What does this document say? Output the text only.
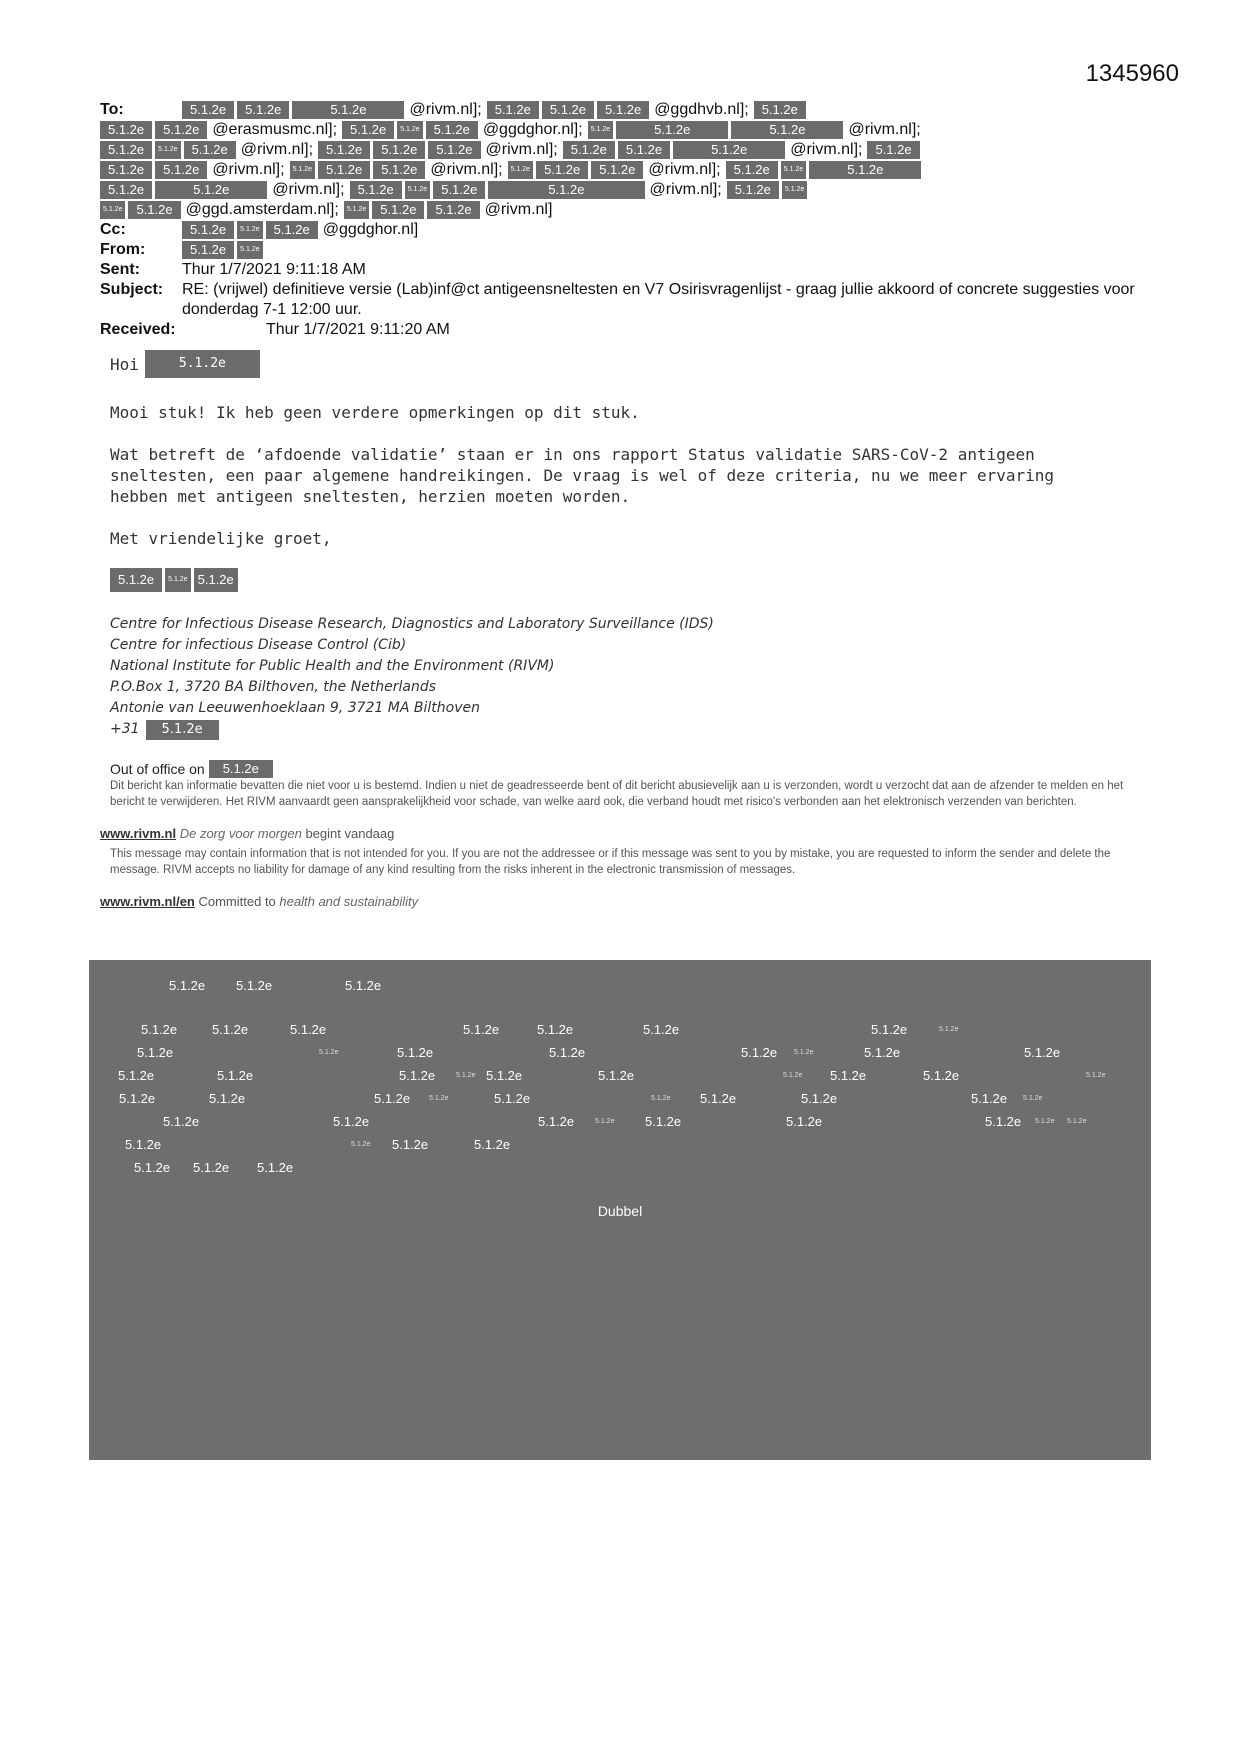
1345960
To:	5.1.2e	5.1.2e	5.1.2e	@rivm.nl];	5.1.2e	5.1.2e	5.1.2e @ggdhvb.nl];	5.1.2e
5.1.2e	5.1.2e @erasmusmc.nl];	5.1.2e	5.1.2e	5.1.2e @ggdghor.nl];	5.1.2e	5.1.2e	5.1.2e	@rivm.nl];
5.1.2e	5.1.2e	5.1.2e @rivm.nl];	5.1.2e	5.1.2e	5.1.2e @rivm.nl];	5.1.2e	5.1.2e	5.1.2e	@rivm.nl];	5.1.2e
5.1.2e	5.1.2e @rivm.nl];	5.1.2e	5.1.2e	5.1.2e @rivm.nl];	5.1.2e	5.1.2e	5.1.2e @rivm.nl];	5.1.2e	5.1.2e	5.1.2e
5.1.2e	5.1.2e	@rivm.nl];	5.1.2e	5.1.2e	5.1.2e	5.1.2e	@rivm.nl];	5.1.2e	5.1.2e
5.1.2e	5.1.2e @ggd.amsterdam.nl];	5.1.2e	5.1.2e	5.1.2e @rivm.nl]
Cc:	5.1.2e	5.1.2e	5.1.2e @ggdghor.nl]
From:	5.1.2e	5.1.2e
Sent:	Thur 1/7/2021 9:11:18 AM
Subject:	RE: (vrijwel) definitieve versie (Lab)inf@ct antigeensneltesten en V7 Osirisvragenlijst - graag jullie akkoord of concrete suggesties voor donderdag 7-1 12:00 uur.
Received:	Thur 1/7/2021 9:11:20 AM
Hoi	5.1.2e
Mooi stuk! Ik heb geen verdere opmerkingen op dit stuk.
Wat betreft de ‘afdoende validatie’ staan er in ons rapport Status validatie SARS-CoV-2 antigeen sneltesten, een paar algemene handreikingen. De vraag is wel of deze criteria, nu we meer ervaring hebben met antigeen sneltesten, herzien moeten worden.
Met vriendelijke groet,
5.1.2e	5.1.2e 5.1.2e
Centre for Infectious Disease Research, Diagnostics and Laboratory Surveillance (IDS)
Centre for infectious Disease Control (Cib)
National Institute for Public Health and the Environment (RIVM)
P.O.Box 1, 3720 BA Bilthoven, the Netherlands
Antonie van Leeuwenhoeklaan 9, 3721 MA Bilthoven
+31	5.1.2e
Out of office on	5.1.2e
Dit bericht kan informatie bevatten die niet voor u is bestemd. Indien u niet de geadresseerde bent of dit bericht abusievelijk aan u is verzonden, wordt u verzocht dat aan de afzender te melden en het bericht te verwijderen. Het RIVM aanvaardt geen aansprakelijkheid voor schade, van welke aard ook, die verband houdt met risico's verbonden aan het elektronisch verzenden van berichten.
www.rivm.nl De zorg voor morgen begint vandaag
This message may contain information that is not intended for you. If you are not the addressee or if this message was sent to you by mistake, you are requested to inform the sender and delete the message. RIVM accepts no liability for damage of any kind resulting from the risks inherent in the electronic transmission of messages.
www.rivm.nl/en Committed to health and sustainability
5.1.2e 5.1.2e	5.1.2e
5.1.2e	5.1.2e	5.1.2e	5.1.2e	5.1.2e	5.1.2e	5.1.2e	5.1.2e
5.1.2e	5.1.2e	5.1.2e	5.1.2e	5.1.2e 5.1.2e	5.1.2e	5.1.2e
5.1.2e	5.1.2e	5.1.2e	5.1.2e 5.1.2e	5.1.2e	5.1.2e 5.1.2e	5.1.2e	5.1.2e
5.1.2e	5.1.2e	5.1.2e	5.1.2e	5.1.2e	5.1.2e 5.1.2e	5.1.2e	5.1.2e 5.1.2e
5.1.2e	5.1.2e	5.1.2e	5.1.2e 5.1.2e	5.1.2e	5.1.2e 5.1.2e 5.1.2e
5.1.2e	5.1.2e 5.1.2e	5.1.2e
5.1.2e 5.1.2e 5.1.2e
Dubbel
